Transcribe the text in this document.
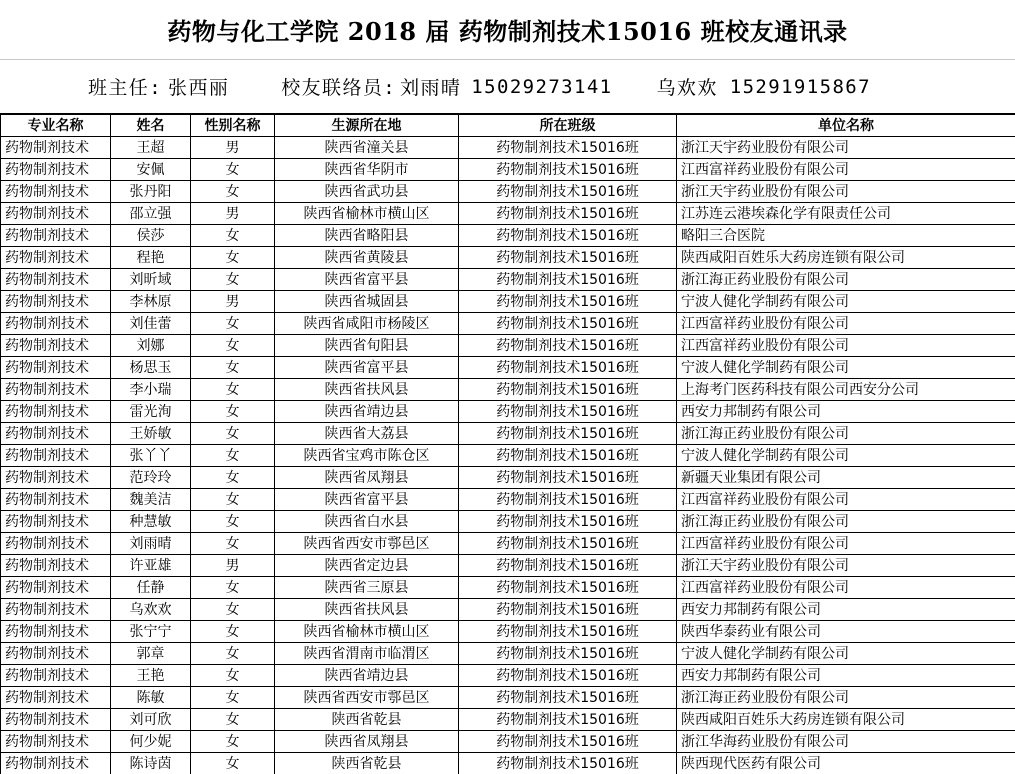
药物与化工学院 2018 届 药物制剂技术15016 班校友通讯录
班主任: 张西丽	校友联络员: 刘雨晴 15029273141 乌欢欢 15291915867
专业名称	姓名	性别名称	生源所在地	所在班级	单位名称
药物制剂技术	王超	男	陕西省潼关县	药物制剂技术15016班	浙江天宇药业股份有限公司
药物制剂技术	安佩	女	陕西省华阴市	药物制剂技术15016班	江西富祥药业股份有限公司
药物制剂技术	张丹阳	女	陕西省武功县	药物制剂技术15016班	浙江天宇药业股份有限公司
药物制剂技术	邵立强	男	陕西省榆林市横山区	药物制剂技术15016班	江苏连云港埃森化学有限责任公司
药物制剂技术	侯莎	女	陕西省略阳县	药物制剂技术15016班	略阳三合医院
药物制剂技术	程艳	女	陕西省黄陵县	药物制剂技术15016班	陕西咸阳百姓乐大药房连锁有限公司
药物制剂技术	刘昕域	女	陕西省富平县	药物制剂技术15016班	浙江海正药业股份有限公司
药物制剂技术	李林原	男	陕西省城固县	药物制剂技术15016班	宁波人健化学制药有限公司
药物制剂技术	刘佳蕾	女	陕西省咸阳市杨陵区	药物制剂技术15016班	江西富祥药业股份有限公司
药物制剂技术	刘娜	女	陕西省旬阳县	药物制剂技术15016班	江西富祥药业股份有限公司
药物制剂技术	杨思玉	女	陕西省富平县	药物制剂技术15016班	宁波人健化学制药有限公司
药物制剂技术	李小瑞	女	陕西省扶风县	药物制剂技术15016班	上海考门医药科技有限公司西安分公司
药物制剂技术	雷光洵	女	陕西省靖边县	药物制剂技术15016班	西安力邦制药有限公司
药物制剂技术	王娇敏	女	陕西省大荔县	药物制剂技术15016班	浙江海正药业股份有限公司
药物制剂技术	张丫丫	女	陕西省宝鸡市陈仓区	药物制剂技术15016班	宁波人健化学制药有限公司
药物制剂技术	范玲玲	女	陕西省凤翔县	药物制剂技术15016班	新疆天业集团有限公司
药物制剂技术	魏美洁	女	陕西省富平县	药物制剂技术15016班	江西富祥药业股份有限公司
药物制剂技术	种慧敏	女	陕西省白水县	药物制剂技术15016班	浙江海正药业股份有限公司
药物制剂技术	刘雨晴	女	陕西省西安市鄠邑区	药物制剂技术15016班	江西富祥药业股份有限公司
药物制剂技术	许亚雄	男	陕西省定边县	药物制剂技术15016班	浙江天宇药业股份有限公司
药物制剂技术	任静	女	陕西省三原县	药物制剂技术15016班	江西富祥药业股份有限公司
药物制剂技术	乌欢欢	女	陕西省扶风县	药物制剂技术15016班	西安力邦制药有限公司
药物制剂技术	张宁宁	女	陕西省榆林市横山区	药物制剂技术15016班	陕西华泰药业有限公司
药物制剂技术	郭章	女	陕西省渭南市临渭区	药物制剂技术15016班	宁波人健化学制药有限公司
药物制剂技术	王艳	女	陕西省靖边县	药物制剂技术15016班	西安力邦制药有限公司
药物制剂技术	陈敏	女	陕西省西安市鄠邑区	药物制剂技术15016班	浙江海正药业股份有限公司
药物制剂技术	刘可欣	女	陕西省乾县	药物制剂技术15016班	陕西咸阳百姓乐大药房连锁有限公司
药物制剂技术	何少妮	女	陕西省凤翔县	药物制剂技术15016班	浙江华海药业股份有限公司
药物制剂技术	陈诗茵	女	陕西省乾县	药物制剂技术15016班	陕西现代医药有限公司
